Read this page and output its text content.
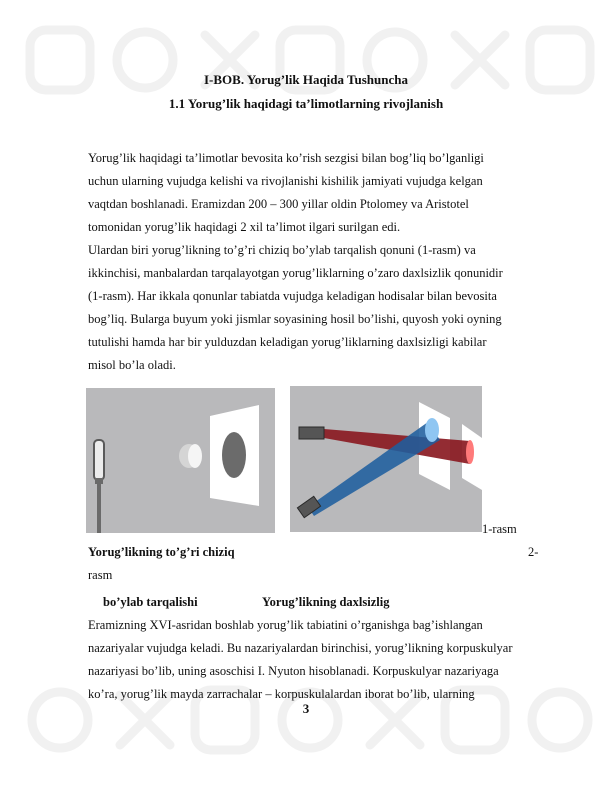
I-BOB. Yorug’lik Haqida Tushuncha
1.1 Yorug’lik haqidagi ta’limotlarning rivojlanish
Yorug’lik haqidagi ta’limotlar bevosita ko’rish sezgisi bilan bog’liq bo’lganligi
uchun ularning vujudga kelishi va rivojlanishi kishilik jamiyati vujudga kelgan
vaqtdan boshlanadi. Eramizdan 200 – 300 yillar oldin Ptolomey va Aristotel
tomonidan yorug’lik haqidagi 2 xil ta’limot ilgari surilgan edi.
Ulardan biri yorug’likning to’g’ri chiziq bo’ylab tarqalish qonuni (1-rasm) va
ikkinchisi, manbalardan tarqalayotgan yorug’liklarning o’zaro daxlsizlik qonunidir
(1-rasm). Har ikkala qonunlar tabiatda vujudga keladigan hodisalar bilan bevosita
bog’liq. Bularga buyum yoki jismlar soyasining hosil bo’lishi, quyosh yoki oyning
tutulishi hamda har bir yulduzdan keladigan yorug’liklarning daxlsizligi kabilar
misol bo’la oladi.
1-rasm
Yorug’likning to’g’ri chiziq	2-
rasm
bo’ylab tarqalishi	Yorug’likning daxlsizlig
Eramizning XVI-asridan boshlab yorug’lik tabiatini o’rganishga bag’ishlangan
nazariyalar vujudga keladi. Bu nazariyalardan birinchisi, yorug’likning korpuskulyar
nazariyasi bo’lib, uning asoschisi I. Nyuton hisoblanadi. Korpuskulyar nazariyaga
ko’ra, yorug’lik mayda zarrachalar – korpuskulalardan iborat bo’lib, ularning
3
